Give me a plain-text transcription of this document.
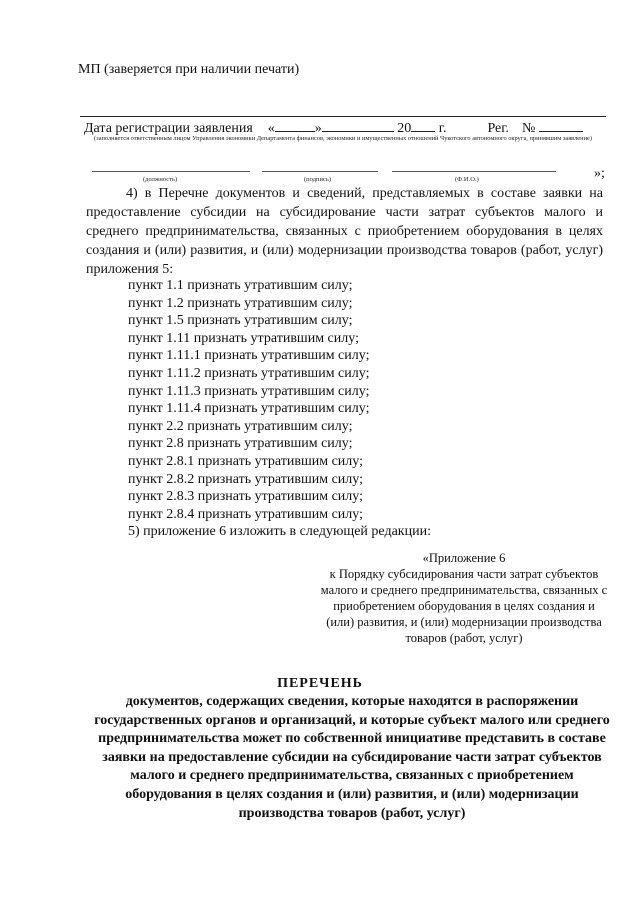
МП (заверяется при наличии печати)
Дата регистрации заявления «	»	20 г.	Рег. №
(заполняется ответственным лицом Управления экономики Департамента финансов, экономики и имущественных отношений Чукотского автономного округа, принявшим заявление)
(должность)	(подпись)	(Ф.И.О.)	»;
4) в Перечне документов и сведений, представляемых в составе заявки на предоставление субсидии на субсидирование части затрат субъектов малого и среднего предпринимательства, связанных с приобретением оборудования в целях создания и (или) развития, и (или) модернизации производства товаров (работ, услуг) приложения 5:
пункт 1.1 признать утратившим силу;
пункт 1.2 признать утратившим силу;
пункт 1.5 признать утратившим силу;
пункт 1.11 признать утратившим силу;
пункт 1.11.1 признать утратившим силу;
пункт 1.11.2 признать утратившим силу;
пункт 1.11.3 признать утратившим силу;
пункт 1.11.4 признать утратившим силу;
пункт 2.2 признать утратившим силу;
пункт 2.8 признать утратившим силу;
пункт 2.8.1 признать утратившим силу;
пункт 2.8.2 признать утратившим силу;
пункт 2.8.3 признать утратившим силу;
пункт 2.8.4 признать утратившим силу;
5) приложение 6 изложить в следующей редакции:
«Приложение 6
к Порядку субсидирования части затрат субъектов малого и среднего предпринимательства, связанных с приобретением оборудования в целях создания и (или) развития, и (или) модернизации производства товаров (работ, услуг)
ПЕРЕЧЕНЬ
документов, содержащих сведения, которые находятся в распоряжении государственных органов и организаций, и которые субъект малого или среднего предпринимательства может по собственной инициативе представить в составе заявки на предоставление субсидии на субсидирование части затрат субъектов малого и среднего предпринимательства, связанных с приобретением оборудования в целях создания и (или) развития, и (или) модернизации производства товаров (работ, услуг)
